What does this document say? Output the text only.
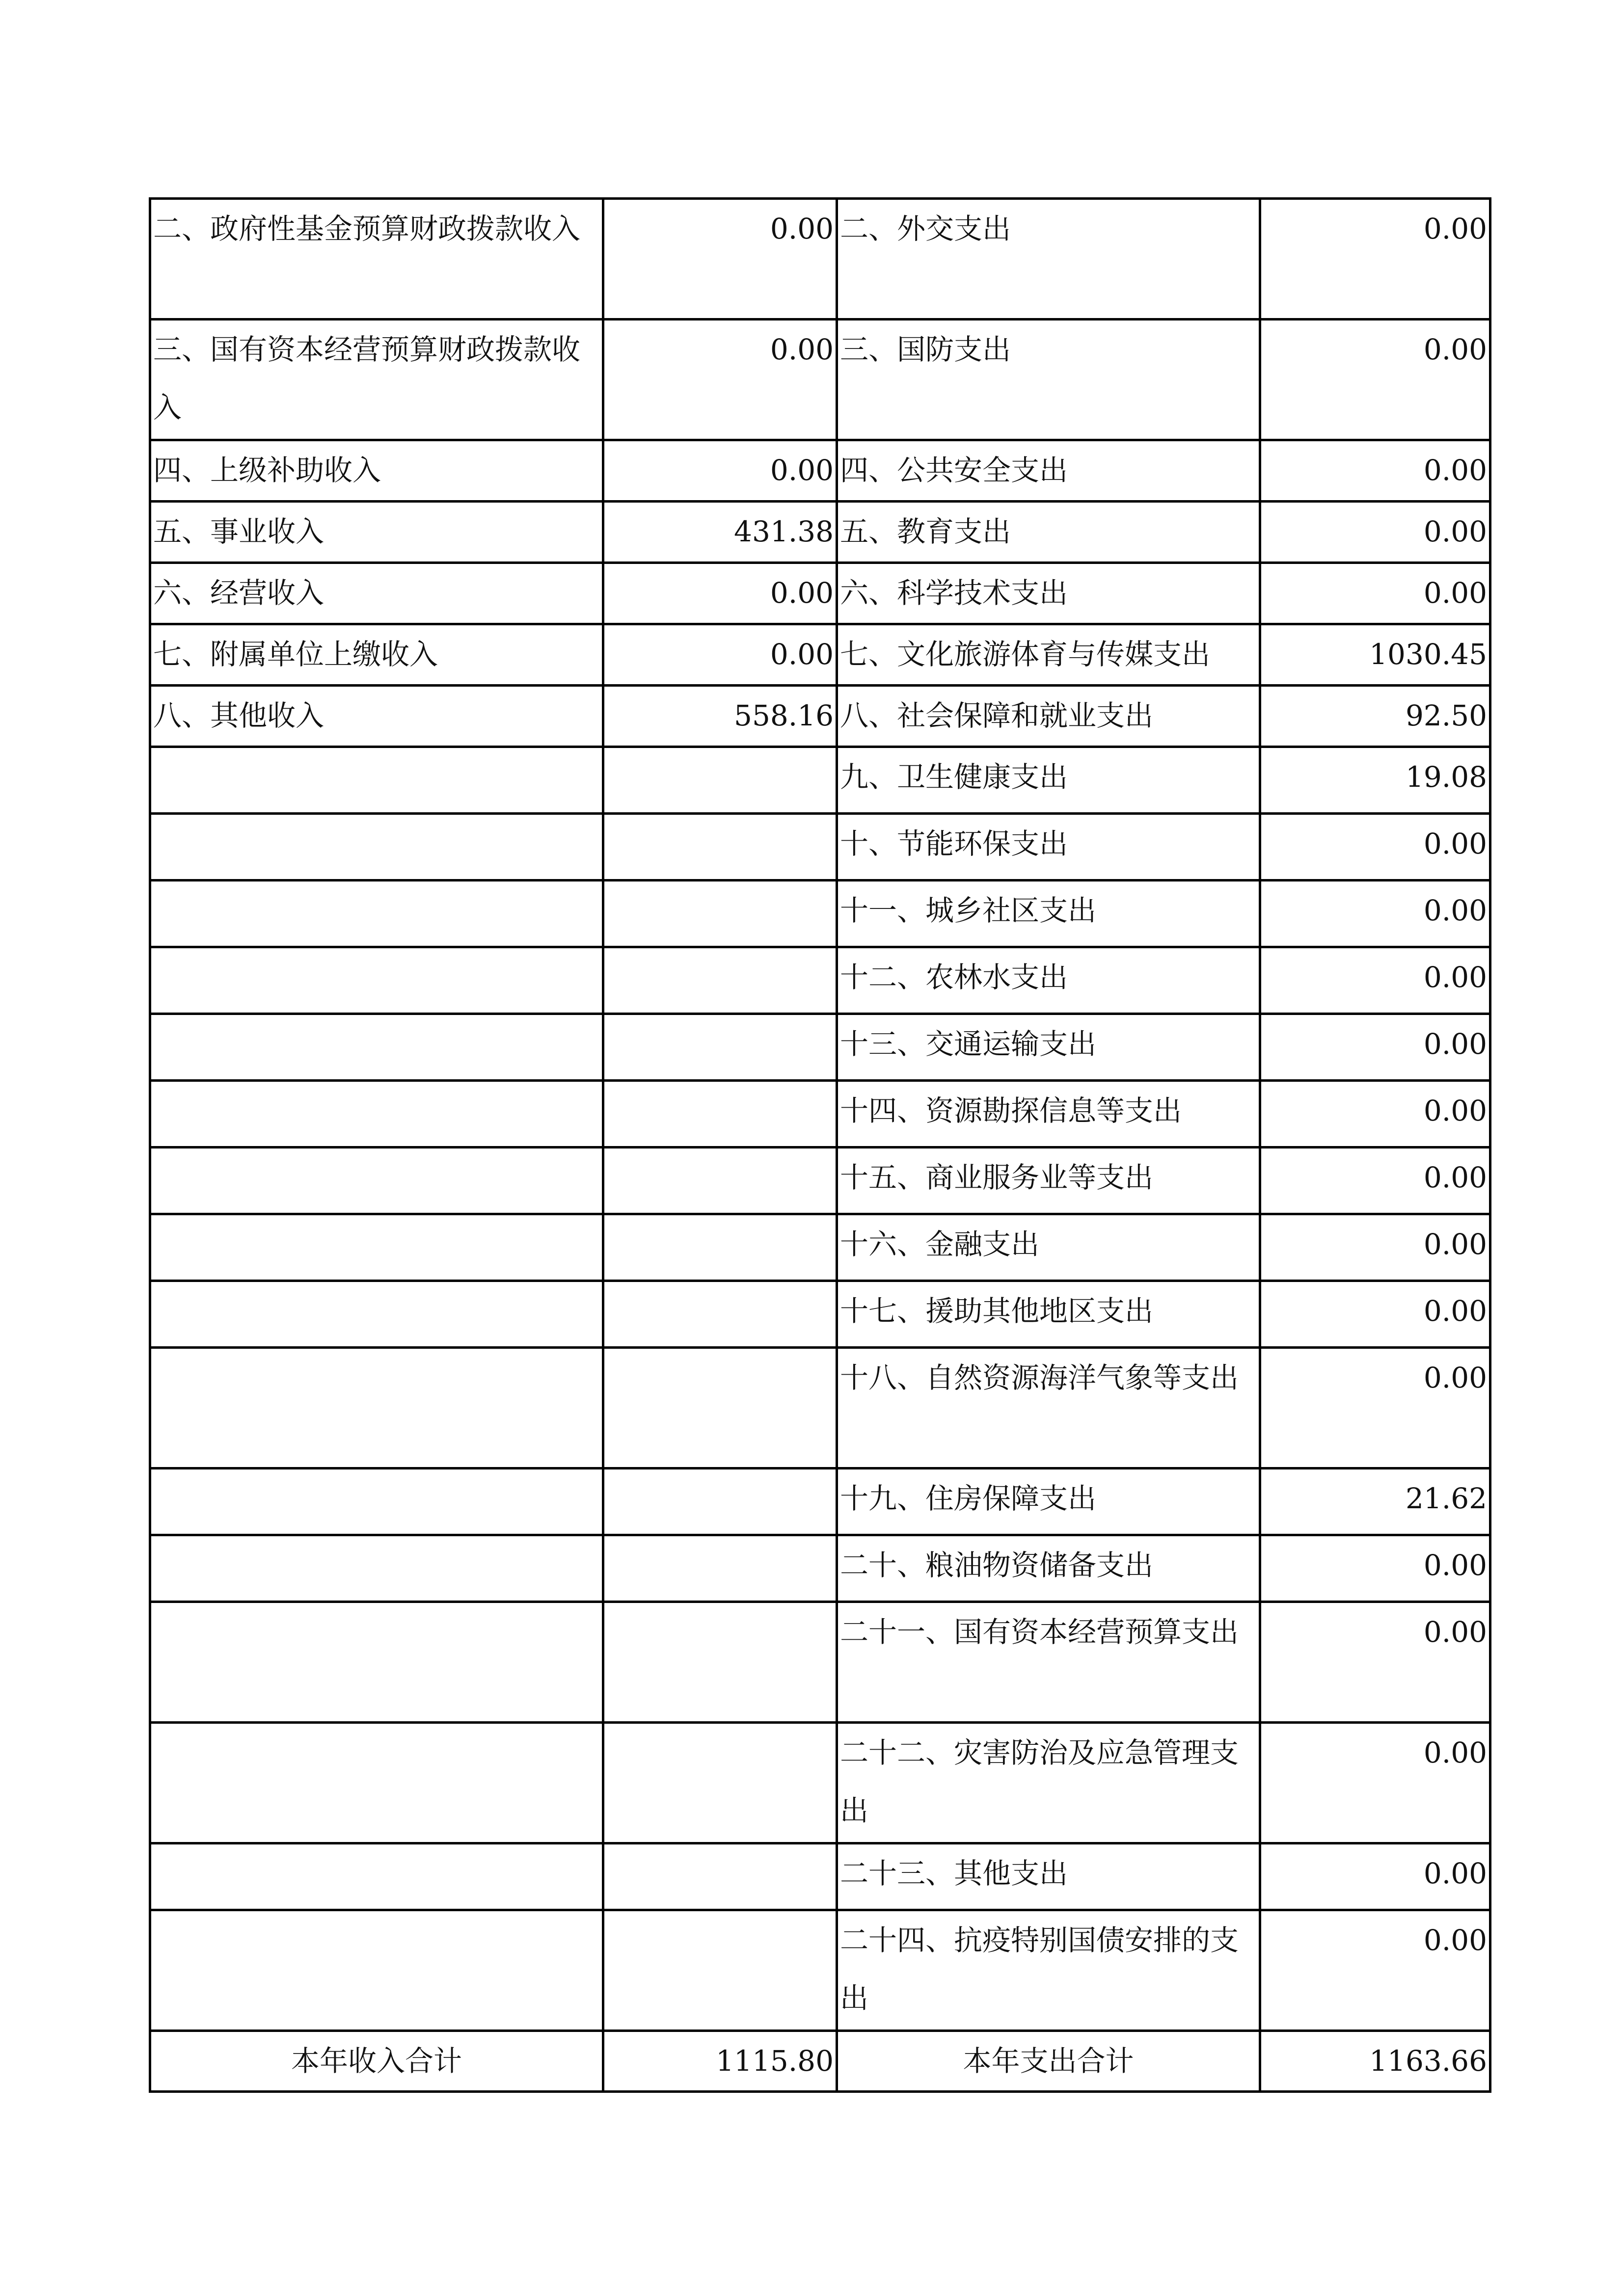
二、政府性基金预算财政拨款收入	0.00	二、外交支出	0.00
三、国有资本经营预算财政拨款收入	0.00	三、国防支出	0.00
四、上级补助收入	0.00	四、公共安全支出	0.00
五、事业收入	431.38	五、教育支出	0.00
六、经营收入	0.00	六、科学技术支出	0.00
七、附属单位上缴收入	0.00	七、文化旅游体育与传媒支出	1030.45
八、其他收入	558.16	八、社会保障和就业支出	92.50
		九、卫生健康支出	19.08
		十、节能环保支出	0.00
		十一、城乡社区支出	0.00
		十二、农林水支出	0.00
		十三、交通运输支出	0.00
		十四、资源勘探信息等支出	0.00
		十五、商业服务业等支出	0.00
		十六、金融支出	0.00
		十七、援助其他地区支出	0.00
		十八、自然资源海洋气象等支出	0.00
		十九、住房保障支出	21.62
		二十、粮油物资储备支出	0.00
		二十一、国有资本经营预算支出	0.00
		二十二、灾害防治及应急管理支出	0.00
		二十三、其他支出	0.00
		二十四、抗疫特别国债安排的支出	0.00
本年收入合计	1115.80	本年支出合计	1163.66
